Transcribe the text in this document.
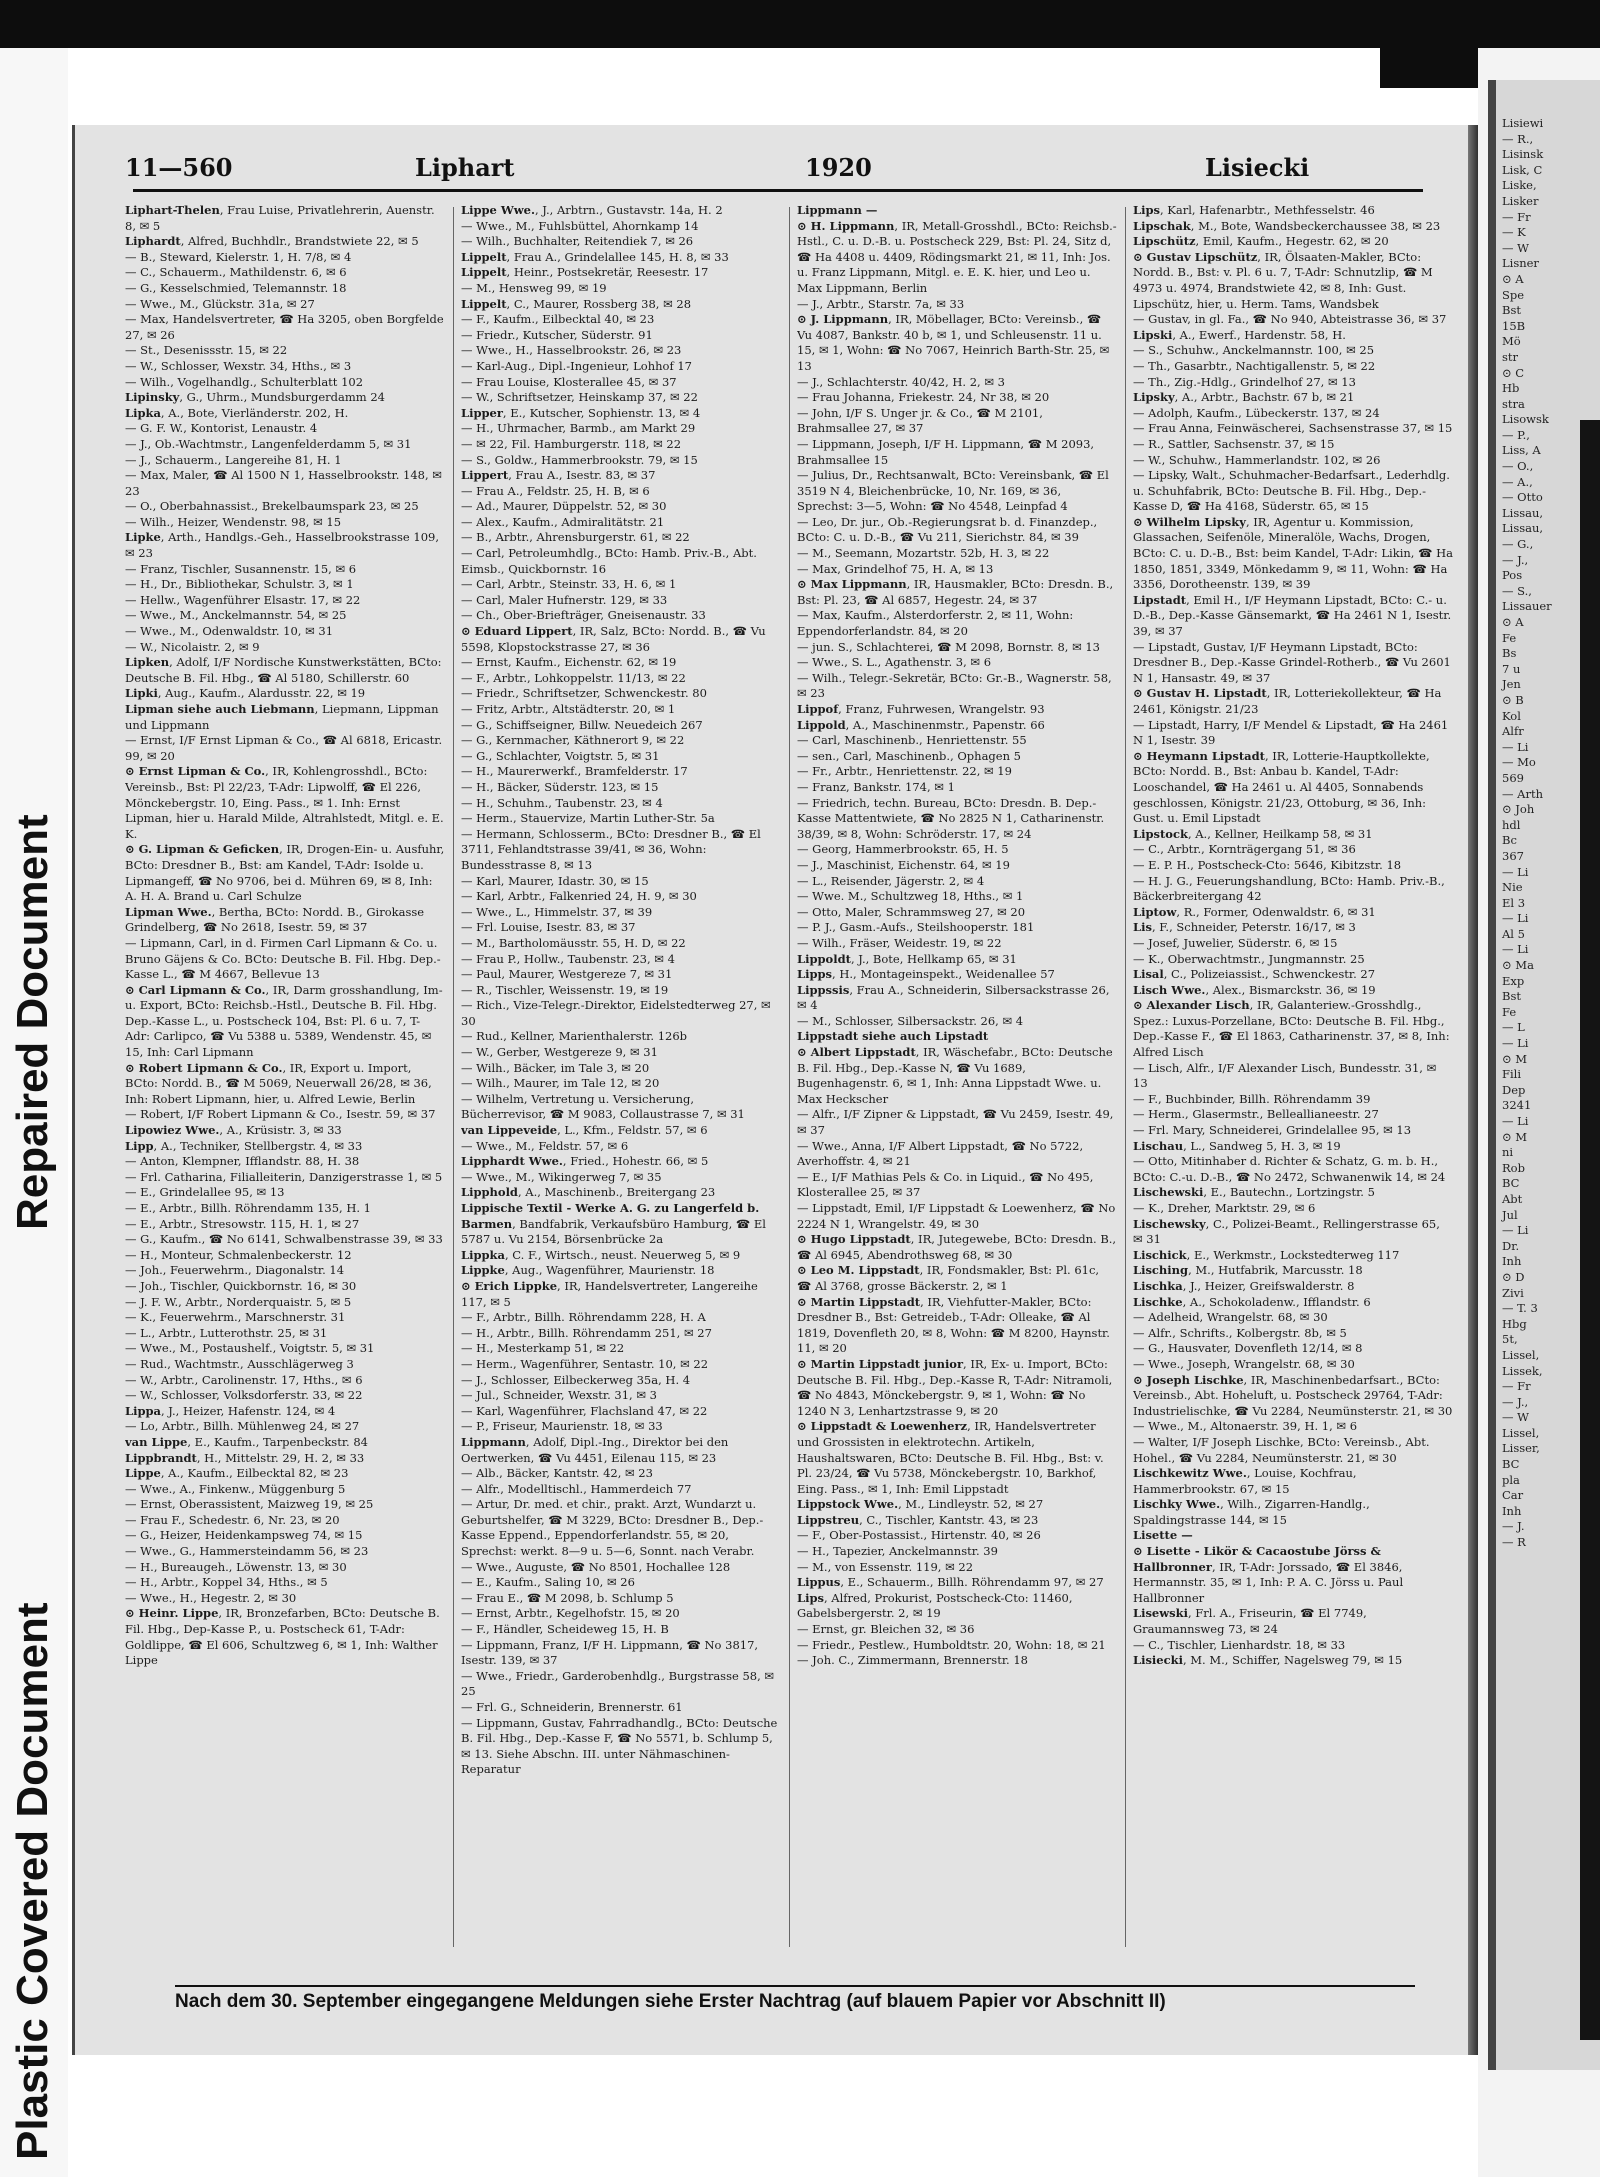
Repaired Document
Plastic Covered Document
11—560	Liphart	1920	Lisiecki
Liphart-Thelen, Frau Luise, Privatlehrerin, Auenstr. 8, ✉ 5
Liphardt, Alfred, Buchhdlr., Brandstwiete 22, ✉ 5
— B., Steward, Kielerstr. 1, H. 7/8, ✉ 4
— C., Schauerm., Mathildenstr. 6, ✉ 6
— G., Kesselschmied, Telemannstr. 18
— Wwe., M., Glückstr. 31a, ✉ 27
— Max, Handelsvertreter, ☎ Ha 3205, oben Borgfelde 27, ✉ 26
— St., Desenissstr. 15, ✉ 22
— W., Schlosser, Wexstr. 34, Hths., ✉ 3
— Wilh., Vogelhandlg., Schulterblatt 102
Lipinsky, G., Uhrm., Mundsburgerdamm 24
Lipka, A., Bote, Vierländerstr. 202, H.
— G. F. W., Kontorist, Lenaustr. 4
— J., Ob.-Wachtmstr., Langenfelderdamm 5, ✉ 31
— J., Schauerm., Langereihe 81, H. 1
— Max, Maler, ☎ Al 1500 N 1, Hasselbrookstr. 148, ✉ 23
— O., Oberbahnassist., Brekelbaumspark 23, ✉ 25
— Wilh., Heizer, Wendenstr. 98, ✉ 15
Lipke, Arth., Handlgs.-Geh., Hasselbrookstrasse 109, ✉ 23
— Franz, Tischler, Susannenstr. 15, ✉ 6
— H., Dr., Bibliothekar, Schulstr. 3, ✉ 1
— Hellw., Wagenführer Elsastr. 17, ✉ 22
— Wwe., M., Anckelmannstr. 54, ✉ 25
— Wwe., M., Odenwaldstr. 10, ✉ 31
— W., Nicolaistr. 2, ✉ 9
Lipken, Adolf, I/F Nordische Kunstwerkstätten, BCto: Deutsche B. Fil. Hbg., ☎ Al 5180, Schillerstr. 60
Lipki, Aug., Kaufm., Alardusstr. 22, ✉ 19
Lipman siehe auch Liebmann, Liepmann, Lippman und Lippmann
— Ernst, I/F Ernst Lipman & Co., ☎ Al 6818, Ericastr. 99, ✉ 20
⊙ Ernst Lipman & Co., IR, Kohlengrosshdl., BCto: Vereinsb., Bst: Pl 22/23, T-Adr: Lipwolff, ☎ El 226, Mönckebergstr. 10, Eing. Pass., ✉ 1. Inh: Ernst Lipman, hier u. Harald Milde, Altrahlstedt, Mitgl. e. E. K.
⊙ G. Lipman & Geficken, IR, Drogen-Ein- u. Ausfuhr, BCto: Dresdner B., Bst: am Kandel, T-Adr: Isolde u. Lipmangeff, ☎ No 9706, bei d. Mühren 69, ✉ 8, Inh: A. H. A. Brand u. Carl Schulze
Lipman Wwe., Bertha, BCto: Nordd. B., Girokasse Grindelberg, ☎ No 2618, Isestr. 59, ✉ 37
— Lipmann, Carl, in d. Firmen Carl Lipmann & Co. u. Bruno Gäjens & Co. BCto: Deutsche B. Fil. Hbg. Dep.-Kasse L., ☎ M 4667, Bellevue 13
⊙ Carl Lipmann & Co., IR, Darm grosshandlung, Im- u. Export, BCto: Reichsb.-Hstl., Deutsche B. Fil. Hbg. Dep.-Kasse L., u. Postscheck 104, Bst: Pl. 6 u. 7, T-Adr: Carlipco, ☎ Vu 5388 u. 5389, Wendenstr. 45, ✉ 15, Inh: Carl Lipmann
⊙ Robert Lipmann & Co., IR, Export u. Import, BCto: Nordd. B., ☎ M 5069, Neuerwall 26/28, ✉ 36, Inh: Robert Lipmann, hier, u. Alfred Lewie, Berlin
— Robert, I/F Robert Lipmann & Co., Isestr. 59, ✉ 37
Lipowiez Wwe., A., Krüsistr. 3, ✉ 33
Lipp, A., Techniker, Stellbergstr. 4, ✉ 33
— Anton, Klempner, Ifflandstr. 88, H. 38
— Frl. Catharina, Filialleiterin, Danzigerstrasse 1, ✉ 5
— E., Grindelallee 95, ✉ 13
— E., Arbtr., Billh. Röhrendamm 135, H. 1
— E., Arbtr., Stresowstr. 115, H. 1, ✉ 27
— G., Kaufm., ☎ No 6141, Schwalbenstrasse 39, ✉ 33
— H., Monteur, Schmalenbeckerstr. 12
— Joh., Feuerwehrm., Diagonalstr. 14
— Joh., Tischler, Quickbornstr. 16, ✉ 30
— J. F. W., Arbtr., Norderquaistr. 5, ✉ 5
— K., Feuerwehrm., Marschnerstr. 31
— L., Arbtr., Lutterothstr. 25, ✉ 31
— Wwe., M., Postaushelf., Voigtstr. 5, ✉ 31
— Rud., Wachtmstr., Ausschlägerweg 3
— W., Arbtr., Carolinenstr. 17, Hths., ✉ 6
— W., Schlosser, Volksdorferstr. 33, ✉ 22
Lippa, J., Heizer, Hafenstr. 124, ✉ 4
— Lo, Arbtr., Billh. Mühlenweg 24, ✉ 27
van Lippe, E., Kaufm., Tarpenbeckstr. 84
Lippbrandt, H., Mittelstr. 29, H. 2, ✉ 33
Lippe, A., Kaufm., Eilbecktal 82, ✉ 23
— Wwe., A., Finkenw., Müggenburg 5
— Ernst, Oberassistent, Maizweg 19, ✉ 25
— Frau F., Schedestr. 6, Nr. 23, ✉ 20
— G., Heizer, Heidenkampsweg 74, ✉ 15
— Wwe., G., Hammersteindamm 56, ✉ 23
— H., Bureaugeh., Löwenstr. 13, ✉ 30
— H., Arbtr., Koppel 34, Hths., ✉ 5
— Wwe., H., Hegestr. 2, ✉ 30
⊙ Heinr. Lippe, IR, Bronzefarben, BCto: Deutsche B. Fil. Hbg., Dep-Kasse P., u. Postscheck 61, T-Adr: Goldlippe, ☎ El 606, Schultzweg 6, ✉ 1, Inh: Walther Lippe
Lippe Wwe., J., Arbtrn., Gustavstr. 14a, H. 2
— Wwe., M., Fuhlsbüttel, Ahornkamp 14
— Wilh., Buchhalter, Reitendiek 7, ✉ 26
Lippelt, Frau A., Grindelallee 145, H. 8, ✉ 33
Lippelt, Heinr., Postsekretär, Reesestr. 17
— M., Hensweg 99, ✉ 19
Lippelt, C., Maurer, Rossberg 38, ✉ 28
— F., Kaufm., Eilbecktal 40, ✉ 23
— Friedr., Kutscher, Süderstr. 91
— Wwe., H., Hasselbrookstr. 26, ✉ 23
— Karl-Aug., Dipl.-Ingenieur, Lohhof 17
— Frau Louise, Klosterallee 45, ✉ 37
— W., Schriftsetzer, Heinskamp 37, ✉ 22
Lipper, E., Kutscher, Sophienstr. 13, ✉ 4
— H., Uhrmacher, Barmb., am Markt 29
— ✉ 22, Fil. Hamburgerstr. 118, ✉ 22
— S., Goldw., Hammerbrookstr. 79, ✉ 15
Lippert, Frau A., Isestr. 83, ✉ 37
— Frau A., Feldstr. 25, H. B, ✉ 6
— Ad., Maurer, Düppelstr. 52, ✉ 30
— Alex., Kaufm., Admiralitätstr. 21
— B., Arbtr., Ahrensburgerstr. 61, ✉ 22
— Carl, Petroleumhdlg., BCto: Hamb. Priv.-B., Abt. Eimsb., Quickbornstr. 16
— Carl, Arbtr., Steinstr. 33, H. 6, ✉ 1
— Carl, Maler Hufnerstr. 129, ✉ 33
— Ch., Ober-Briefträger, Gneisenaustr. 33
⊙ Eduard Lippert, IR, Salz, BCto: Nordd. B., ☎ Vu 5598, Klopstockstrasse 27, ✉ 36
— Ernst, Kaufm., Eichenstr. 62, ✉ 19
— F., Arbtr., Lohkoppelstr. 11/13, ✉ 22
— Friedr., Schriftsetzer, Schwenckestr. 80
— Fritz, Arbtr., Altstädterstr. 20, ✉ 1
— G., Schiffseigner, Billw. Neuedeich 267
— G., Kernmacher, Käthnerort 9, ✉ 22
— G., Schlachter, Voigtstr. 5, ✉ 31
— H., Maurerwerkf., Bramfelderstr. 17
— H., Bäcker, Süderstr. 123, ✉ 15
— H., Schuhm., Taubenstr. 23, ✉ 4
— Herm., Stauervize, Martin Luther-Str. 5a
— Hermann, Schlosserm., BCto: Dresdner B., ☎ El 3711, Fehlandtstrasse 39/41, ✉ 36, Wohn: Bundesstrasse 8, ✉ 13
— Karl, Maurer, Idastr. 30, ✉ 15
— Karl, Arbtr., Falkenried 24, H. 9, ✉ 30
— Wwe., L., Himmelstr. 37, ✉ 39
— Frl. Louise, Isestr. 83, ✉ 37
— M., Bartholomäusstr. 55, H. D, ✉ 22
— Frau P., Hollw., Taubenstr. 23, ✉ 4
— Paul, Maurer, Westgereze 7, ✉ 31
— R., Tischler, Weissenstr. 19, ✉ 19
— Rich., Vize-Telegr.-Direktor, Eidelstedterweg 27, ✉ 30
— Rud., Kellner, Marienthalerstr. 126b
— W., Gerber, Westgereze 9, ✉ 31
— Wilh., Bäcker, im Tale 3, ✉ 20
— Wilh., Maurer, im Tale 12, ✉ 20
— Wilhelm, Vertretung u. Versicherung, Bücherrevisor, ☎ M 9083, Collaustrasse 7, ✉ 31
van Lippeveide, L., Kfm., Feldstr. 57, ✉ 6
— Wwe., M., Feldstr. 57, ✉ 6
Lipphardt Wwe., Fried., Hohestr. 66, ✉ 5
— Wwe., M., Wikingerweg 7, ✉ 35
Lipphold, A., Maschinenb., Breitergang 23
Lippische Textil - Werke A. G. zu Langerfeld b. Barmen, Bandfabrik, Verkaufsbüro Hamburg, ☎ El 5787 u. Vu 2154, Börsenbrücke 2a
Lippka, C. F., Wirtsch., neust. Neuerweg 5, ✉ 9
Lippke, Aug., Wagenführer, Maurienstr. 18
⊙ Erich Lippke, IR, Handelsvertreter, Langereihe 117, ✉ 5
— F., Arbtr., Billh. Röhrendamm 228, H. A
— H., Arbtr., Billh. Röhrendamm 251, ✉ 27
— H., Mesterkamp 51, ✉ 22
— Herm., Wagenführer, Sentastr. 10, ✉ 22
— J., Schlosser, Eilbeckerweg 35a, H. 4
— Jul., Schneider, Wexstr. 31, ✉ 3
— Karl, Wagenführer, Flachsland 47, ✉ 22
— P., Friseur, Maurienstr. 18, ✉ 33
Lippmann, Adolf, Dipl.-Ing., Direktor bei den Oertwerken, ☎ Vu 4451, Eilenau 115, ✉ 23
— Alb., Bäcker, Kantstr. 42, ✉ 23
— Alfr., Modelltischl., Hammerdeich 77
— Artur, Dr. med. et chir., prakt. Arzt, Wundarzt u. Geburtshelfer, ☎ M 3229, BCto: Dresdner B., Dep.-Kasse Eppend., Eppendorferlandstr. 55, ✉ 20, Sprechst: werkt. 8—9 u. 5—6, Sonnt. nach Verabr.
— Wwe., Auguste, ☎ No 8501, Hochallee 128
— E., Kaufm., Saling 10, ✉ 26
— Frau E., ☎ M 2098, b. Schlump 5
— Ernst, Arbtr., Kegelhofstr. 15, ✉ 20
— F., Händler, Scheideweg 15, H. B
— Lippmann, Franz, I/F H. Lippmann, ☎ No 3817, Isestr. 139, ✉ 37
— Wwe., Friedr., Garderobenhdlg., Burgstrasse 58, ✉ 25
— Frl. G., Schneiderin, Brennerstr. 61
— Lippmann, Gustav, Fahrradhandlg., BCto: Deutsche B. Fil. Hbg., Dep.-Kasse F, ☎ No 5571, b. Schlump 5, ✉ 13. Siehe Abschn. III. unter Nähmaschinen-Reparatur
Lippmann —
⊙ H. Lippmann, IR, Metall-Grosshdl., BCto: Reichsb.-Hstl., C. u. D.-B. u. Postscheck 229, Bst: Pl. 24, Sitz d, ☎ Ha 4408 u. 4409, Rödingsmarkt 21, ✉ 11, Inh: Jos. u. Franz Lippmann, Mitgl. e. E. K. hier, und Leo u. Max Lippmann, Berlin
— J., Arbtr., Starstr. 7a, ✉ 33
⊙ J. Lippmann, IR, Möbellager, BCto: Vereinsb., ☎ Vu 4087, Bankstr. 40 b, ✉ 1, und Schleusenstr. 11 u. 15, ✉ 1, Wohn: ☎ No 7067, Heinrich Barth-Str. 25, ✉ 13
— J., Schlachterstr. 40/42, H. 2, ✉ 3
— Frau Johanna, Friekestr. 24, Nr 38, ✉ 20
— John, I/F S. Unger jr. & Co., ☎ M 2101, Brahmsallee 27, ✉ 37
— Lippmann, Joseph, I/F H. Lippmann, ☎ M 2093, Brahmsallee 15
— Julius, Dr., Rechtsanwalt, BCto: Vereinsbank, ☎ El 3519 N 4, Bleichenbrücke, 10, Nr. 169, ✉ 36, Sprechst: 3—5, Wohn: ☎ No 4548, Leinpfad 4
— Leo, Dr. jur., Ob.-Regierungsrat b. d. Finanzdep., BCto: C. u. D.-B., ☎ Vu 211, Sierichstr. 84, ✉ 39
— M., Seemann, Mozartstr. 52b, H. 3, ✉ 22
— Max, Grindelhof 75, H. A, ✉ 13
⊙ Max Lippmann, IR, Hausmakler, BCto: Dresdn. B., Bst: Pl. 23, ☎ Al 6857, Hegestr. 24, ✉ 37
— Max, Kaufm., Alsterdorferstr. 2, ✉ 11, Wohn: Eppendorferlandstr. 84, ✉ 20
— jun. S., Schlachterei, ☎ M 2098, Bornstr. 8, ✉ 13
— Wwe., S. L., Agathenstr. 3, ✉ 6
— Wilh., Telegr.-Sekretär, BCto: Gr.-B., Wagnerstr. 58, ✉ 23
Lippof, Franz, Fuhrwesen, Wrangelstr. 93
Lippold, A., Maschinenmstr., Papenstr. 66
— Carl, Maschinenb., Henriettenstr. 55
— sen., Carl, Maschinenb., Ophagen 5
— Fr., Arbtr., Henriettenstr. 22, ✉ 19
— Franz, Bankstr. 174, ✉ 1
— Friedrich, techn. Bureau, BCto: Dresdn. B. Dep.-Kasse Mattentwiete, ☎ No 2825 N 1, Catharinenstr. 38/39, ✉ 8, Wohn: Schröderstr. 17, ✉ 24
— Georg, Hammerbrookstr. 65, H. 5
— J., Maschinist, Eichenstr. 64, ✉ 19
— L., Reisender, Jägerstr. 2, ✉ 4
— Wwe. M., Schultzweg 18, Hths., ✉ 1
— Otto, Maler, Schrammsweg 27, ✉ 20
— P. J., Gasm.-Aufs., Steilshooperstr. 181
— Wilh., Fräser, Weidestr. 19, ✉ 22
Lippoldt, J., Bote, Hellkamp 65, ✉ 31
Lipps, H., Montageinspekt., Weidenallee 57
Lippssis, Frau A., Schneiderin, Silbersackstrasse 26, ✉ 4
— M., Schlosser, Silbersackstr. 26, ✉ 4
Lippstadt siehe auch Lipstadt
⊙ Albert Lippstadt, IR, Wäschefabr., BCto: Deutsche B. Fil. Hbg., Dep.-Kasse N, ☎ Vu 1689, Bugenhagenstr. 6, ✉ 1, Inh: Anna Lippstadt Wwe. u. Max Heckscher
— Alfr., I/F Zipner & Lippstadt, ☎ Vu 2459, Isestr. 49, ✉ 37
— Wwe., Anna, I/F Albert Lippstadt, ☎ No 5722, Averhoffstr. 4, ✉ 21
— E., I/F Mathias Pels & Co. in Liquid., ☎ No 495, Klosterallee 25, ✉ 37
— Lippstadt, Emil, I/F Lippstadt & Loewenherz, ☎ No 2224 N 1, Wrangelstr. 49, ✉ 30
⊙ Hugo Lippstadt, IR, Jutegewebe, BCto: Dresdn. B., ☎ Al 6945, Abendrothsweg 68, ✉ 30
⊙ Leo M. Lippstadt, IR, Fondsmakler, Bst: Pl. 61c, ☎ Al 3768, grosse Bäckerstr. 2, ✉ 1
⊙ Martin Lippstadt, IR, Viehfutter-Makler, BCto: Dresdner B., Bst: Getreideb., T-Adr: Olleake, ☎ Al 1819, Dovenfleth 20, ✉ 8, Wohn: ☎ M 8200, Haynstr. 11, ✉ 20
⊙ Martin Lippstadt junior, IR, Ex- u. Import, BCto: Deutsche B. Fil. Hbg., Dep.-Kasse R, T-Adr: Nitramoli, ☎ No 4843, Mönckebergstr. 9, ✉ 1, Wohn: ☎ No 1240 N 3, Lenhartzstrasse 9, ✉ 20
⊙ Lippstadt & Loewenherz, IR, Handelsvertreter und Grossisten in elektrotechn. Artikeln, Haushaltswaren, BCto: Deutsche B. Fil. Hbg., Bst: v. Pl. 23/24, ☎ Vu 5738, Mönckebergstr. 10, Barkhof, Eing. Pass., ✉ 1, Inh: Emil Lippstadt
Lippstock Wwe., M., Lindleystr. 52, ✉ 27
Lippstreu, C., Tischler, Kantstr. 43, ✉ 23
— F., Ober-Postassist., Hirtenstr. 40, ✉ 26
— H., Tapezier, Anckelmannstr. 39
— M., von Essenstr. 119, ✉ 22
Lippus, E., Schauerm., Billh. Röhrendamm 97, ✉ 27
Lips, Alfred, Prokurist, Postscheck-Cto: 11460, Gabelsbergerstr. 2, ✉ 19
— Ernst, gr. Bleichen 32, ✉ 36
— Friedr., Pestlew., Humboldtstr. 20, Wohn: 18, ✉ 21
— Joh. C., Zimmermann, Brennerstr. 18
Lips, Karl, Hafenarbtr., Methfesselstr. 46
Lipschak, M., Bote, Wandsbeckerchaussee 38, ✉ 23
Lipschütz, Emil, Kaufm., Hegestr. 62, ✉ 20
⊙ Gustav Lipschütz, IR, Ölsaaten-Makler, BCto: Nordd. B., Bst: v. Pl. 6 u. 7, T-Adr: Schnutzlip, ☎ M 4973 u. 4974, Brandstwiete 42, ✉ 8, Inh: Gust. Lipschütz, hier, u. Herm. Tams, Wandsbek
— Gustav, in gl. Fa., ☎ No 940, Abteistrasse 36, ✉ 37
Lipski, A., Ewerf., Hardenstr. 58, H.
— S., Schuhw., Anckelmannstr. 100, ✉ 25
— Th., Gasarbtr., Nachtigallenstr. 5, ✉ 22
— Th., Zig.-Hdlg., Grindelhof 27, ✉ 13
Lipsky, A., Arbtr., Bachstr. 67 b, ✉ 21
— Adolph, Kaufm., Lübeckerstr. 137, ✉ 24
— Frau Anna, Feinwäscherei, Sachsenstrasse 37, ✉ 15
— R., Sattler, Sachsenstr. 37, ✉ 15
— W., Schuhw., Hammerlandstr. 102, ✉ 26
— Lipsky, Walt., Schuhmacher-Bedarfsart., Lederhdlg. u. Schuhfabrik, BCto: Deutsche B. Fil. Hbg., Dep.-Kasse D, ☎ Ha 4168, Süderstr. 65, ✉ 15
⊙ Wilhelm Lipsky, IR, Agentur u. Kommission, Glassachen, Seifenöle, Mineralöle, Wachs, Drogen, BCto: C. u. D.-B., Bst: beim Kandel, T-Adr: Likin, ☎ Ha 1850, 1851, 3349, Mönkedamm 9, ✉ 11, Wohn: ☎ Ha 3356, Dorotheenstr. 139, ✉ 39
Lipstadt, Emil H., I/F Heymann Lipstadt, BCto: C.- u. D.-B., Dep.-Kasse Gänsemarkt, ☎ Ha 2461 N 1, Isestr. 39, ✉ 37
— Lipstadt, Gustav, I/F Heymann Lipstadt, BCto: Dresdner B., Dep.-Kasse Grindel-Rotherb., ☎ Vu 2601 N 1, Hansastr. 49, ✉ 37
⊙ Gustav H. Lipstadt, IR, Lotteriekollekteur, ☎ Ha 2461, Königstr. 21/23
— Lipstadt, Harry, I/F Mendel & Lipstadt, ☎ Ha 2461 N 1, Isestr. 39
⊙ Heymann Lipstadt, IR, Lotterie-Hauptkollekte, BCto: Nordd. B., Bst: Anbau b. Kandel, T-Adr: Looschandel, ☎ Ha 2461 u. Al 4405, Sonnabends geschlossen, Königstr. 21/23, Ottoburg, ✉ 36, Inh: Gust. u. Emil Lipstadt
Lipstock, A., Kellner, Heilkamp 58, ✉ 31
— C., Arbtr., Kornträgergang 51, ✉ 36
— E. P. H., Postscheck-Cto: 5646, Kibitzstr. 18
— H. J. G., Feuerungshandlung, BCto: Hamb. Priv.-B., Bäckerbreitergang 42
Liptow, R., Former, Odenwaldstr. 6, ✉ 31
Lis, F., Schneider, Peterstr. 16/17, ✉ 3
— Josef, Juwelier, Süderstr. 6, ✉ 15
— K., Oberwachtmstr., Jungmannstr. 25
Lisal, C., Polizeiassist., Schwenckestr. 27
Lisch Wwe., Alex., Bismarckstr. 36, ✉ 19
⊙ Alexander Lisch, IR, Galanteriew.-Grosshdlg., Spez.: Luxus-Porzellane, BCto: Deutsche B. Fil. Hbg., Dep.-Kasse F., ☎ El 1863, Catharinenstr. 37, ✉ 8, Inh: Alfred Lisch
— Lisch, Alfr., I/F Alexander Lisch, Bundesstr. 31, ✉ 13
— F., Buchbinder, Billh. Röhrendamm 39
— Herm., Glasermstr., Belleallianeestr. 27
— Frl. Mary, Schneiderei, Grindelallee 95, ✉ 13
Lischau, L., Sandweg 5, H. 3, ✉ 19
— Otto, Mitinhaber d. Richter & Schatz, G. m. b. H., BCto: C.-u. D.-B., ☎ No 2472, Schwanenwik 14, ✉ 24
Lischewski, E., Bautechn., Lortzingstr. 5
— K., Dreher, Marktstr. 29, ✉ 6
Lischewsky, C., Polizei-Beamt., Rellingerstrasse 65, ✉ 31
Lischick, E., Werkmstr., Lockstedterweg 117
Lisching, M., Hutfabrik, Marcusstr. 18
Lischka, J., Heizer, Greifswalderstr. 8
Lischke, A., Schokoladenw., Ifflandstr. 6
— Adelheid, Wrangelstr. 68, ✉ 30
— Alfr., Schrifts., Kolbergstr. 8b, ✉ 5
— G., Hausvater, Dovenfleth 12/14, ✉ 8
— Wwe., Joseph, Wrangelstr. 68, ✉ 30
⊙ Joseph Lischke, IR, Maschinenbedarfsart., BCto: Vereinsb., Abt. Hoheluft, u. Postscheck 29764, T-Adr: Industrielischke, ☎ Vu 2284, Neumünsterstr. 21, ✉ 30
— Wwe., M., Altonaerstr. 39, H. 1, ✉ 6
— Walter, I/F Joseph Lischke, BCto: Vereinsb., Abt. Hohel., ☎ Vu 2284, Neumünsterstr. 21, ✉ 30
Lischkewitz Wwe., Louise, Kochfrau, Hammerbrookstr. 67, ✉ 15
Lischky Wwe., Wilh., Zigarren-Handlg., Spaldingstrasse 144, ✉ 15
Lisette —
⊙ Lisette - Likör & Cacaostube Jörss & Hallbronner, IR, T-Adr: Jorssado, ☎ El 3846, Hermannstr. 35, ✉ 1, Inh: P. A. C. Jörss u. Paul Hallbronner
Lisewski, Frl. A., Friseurin, ☎ El 7749, Graumannsweg 73, ✉ 24
— C., Tischler, Lienhardstr. 18, ✉ 33
Lisiecki, M. M., Schiffer, Nagelsweg 79, ✉ 15
Nach dem 30. September eingegangene Meldungen siehe Erster Nachtrag (auf blauem Papier vor Abschnitt II)
Lisiewi
— R.,
Lisinsk
Lisk, C
Liske,
Lisker
— Fr
— K
— W
Lisner
⊙ A
Spe
Bst
15B
Mö
str
⊙ C
Hb
stra
Lisowsk
— P.,
Liss, A
— O.,
— A.,
— Otto
Lissau,
Lissau,
— G.,
— J.,
Pos
— S.,
Lissauer
⊙ A
Fe
Bs
7 u
Jen
⊙ B
Kol
Alfr
— Li
— Mo
569
— Arth
⊙ Joh
hdl
Bc
367
— Li
Nie
El 3
— Li
Al 5
— Li
⊙ Ma
Exp
Bst
Fe
— L
— Li
⊙ M
Fili
Dep
3241
— Li
⊙ M
ni
Rob
BC
Abt
Jul
— Li
Dr.
Inh
⊙ D
Zivi
— T. 3
Hbg
5t,
Lissel,
Lissek,
— Fr
— J.,
— W
Lissel,
Lisser,
BC
pla
Car
Inh
— J.
— R
